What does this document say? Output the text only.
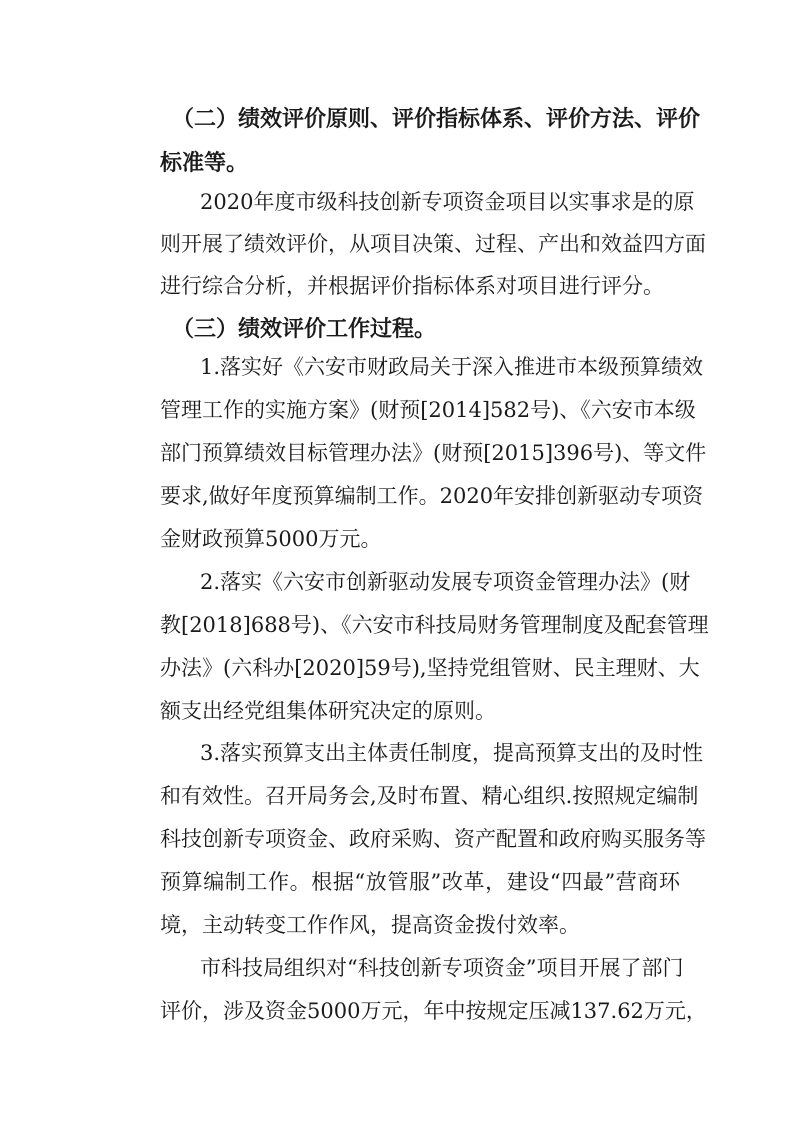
（二）绩效评价原则、评价指标体系、评价方法、评价
标准等。
2020年度市级科技创新专项资金项目以实事求是的原
则开展了绩效评价，从项目决策、过程、产出和效益四方面
进行综合分析，并根据评价指标体系对项目进行评分。
（三）绩效评价工作过程。
1.落实好《六安市财政局关于深入推进市本级预算绩效
管理工作的实施方案》(财预[2014]582号)、《六安市本级
部门预算绩效目标管理办法》(财预[2015]396号)、等文件
要求,做好年度预算编制工作。2020年安排创新驱动专项资
金财政预算5000万元。
2.落实《六安市创新驱动发展专项资金管理办法》(财
教[2018]688号)、《六安市科技局财务管理制度及配套管理
办法》(六科办[2020]59号),坚持党组管财、民主理财、大
额支出经党组集体研究决定的原则。
3.落实预算支出主体责任制度，提高预算支出的及时性
和有效性。召开局务会,及时布置、精心组织.按照规定编制
科技创新专项资金、政府采购、资产配置和政府购买服务等
预算编制工作。根据“放管服”改革，建设“四最”营商环
境，主动转变工作作风，提高资金拨付效率。
市科技局组织对“科技创新专项资金”项目开展了部门
评价，涉及资金5000万元，年中按规定压减137.62万元，
